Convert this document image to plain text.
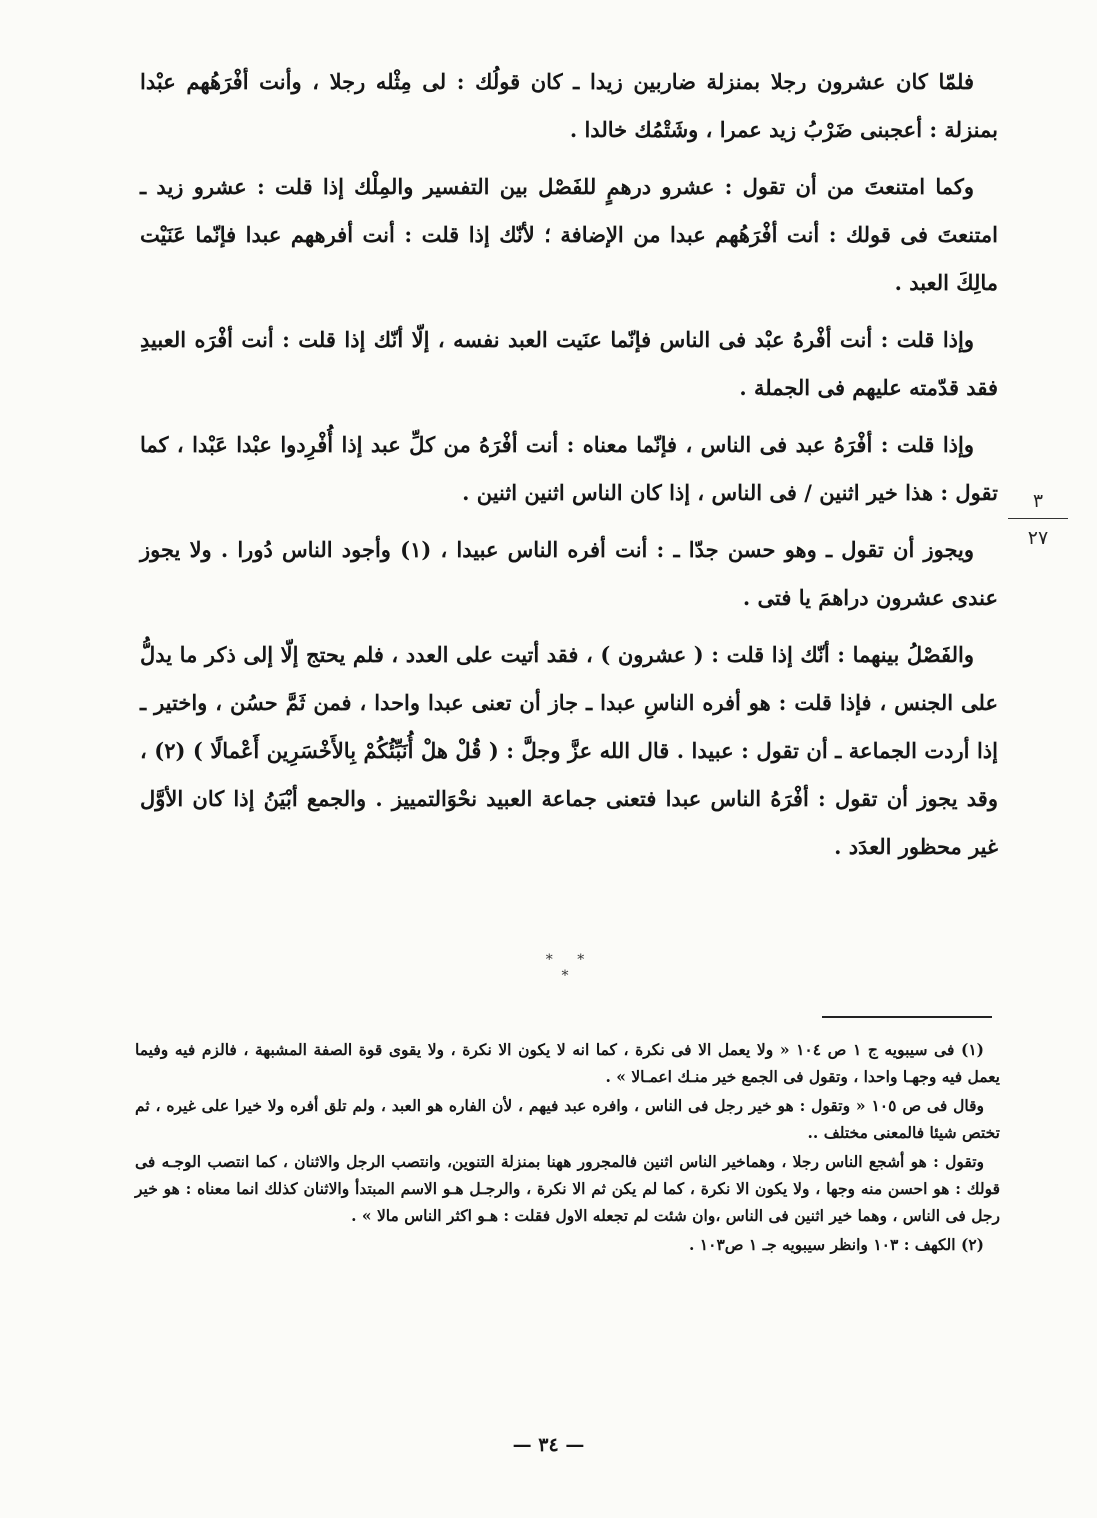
فلمّا كان عشرون رجلا بمنزلة ضاربين زيدا ـ كان قولُك : لى مِثْله رجلا ، وأنت أفْرَهُهم عبْدا بمنزلة : أعجبنى ضَرْبُ زيد عمرا ، وشَتْمُك خالدا .

وكما امتنعتَ من أن تقول : عشرو درهمٍ للفَصْل بين التفسير والمِلْك إذا قلت : عشرو زيد ـ امتنعتَ فى قولك : أنت أفْرَهُهم عبدا من الإضافة ؛ لأنّك إذا قلت : أنت أفرههم عبدا فإنّما عَنَيْت مالِكَ العبد .

وإذا قلت : أنت أفْرهُ عبْد فى الناس فإنّما عنَيت العبد نفسه ، إلّا أنّك إذا قلت : أنت أفْرَه العبيدِ فقد قدّمته عليهم فى الجملة .

وإذا قلت : أفْرَهُ عبد فى الناس ، فإنّما معناه : أنت أفْرَهُ من كلِّ عبد إذا أُفْرِدوا عبْدا عَبْدا ، كما تقول : هذا خير اثنين / فى الناس ، إذا كان الناس اثنين اثنين .

ويجوز أن تقول ـ وهو حسن جدّا ـ : أنت أفره الناس عبيدا ، (١) وأجود الناس دُورا . ولا يجوز عندى عشرون دراهمَ يا فتى .

والفَصْلُ بينهما : أنّك إذا قلت : ( عشرون ) ، فقد أتيت على العدد ، فلم يحتج إلّا إلى ذكر ما يدلُّ على الجنس ، فإذا قلت : هو أفره الناسِ عبدا ـ جاز أن تعنى عبدا واحدا ، فمن ثَمَّ حسُن ، واختير ـ إذا أردت الجماعة ـ أن تقول : عبيدا . قال الله عزَّ وجلَّ : ( قُلْ هلْ أُنَبِّئُكُمْ بِالأَخْسَرِين أَعْمالًا ) (٢) ، وقد يجوز أن تقول : أفْرَهُ الناس عبدا فتعنى جماعة العبيد نحْوَالتمييز . والجمع أبْيَنُ إذا كان الأوَّل غير محظور العدَد .

٣
٢٧
* * *

(١) فى سيبويه ج ١ ص ١٠٤ « ولا يعمل الا فى نكرة ، كما انه لا يكون الا نكرة ، ولا يقوى قوة الصفة المشبهة ، فالزم فيه وفيما يعمل فيه وجهـا واحدا ، وتقول فى الجمع خير منـك اعمـالا » .

وقال فى ص ١٠٥ « وتقول : هو خير رجل فى الناس ، وافره عبد فيهم ، لأن الفاره هو العبد ، ولم تلق أفره ولا خيرا على غيره ، ثم تختص شيئا فالمعنى مختلف ..

وتقول : هو أشجع الناس رجلا ، وهماخير الناس اثنين فالمجرور ههنا بمنزلة التنوين، وانتصب الرجل والاثنان ، كما انتصب الوجـه فى قولك : هو احسن منه وجها ، ولا يكون الا نكرة ، كما لم يكن ثم الا نكرة ، والرجـل هـو الاسم المبتدأ والاثنان كذلك انما معناه : هو خير رجل فى الناس ، وهما خير اثنين فى الناس ،وان شئت لم تجعله الاول فقلت : هـو اكثر الناس مالا » .

(٢) الكهف : ١٠٣ وانظر سيبويه جـ ١ ص١٠٣ .

— ٣٤ —
